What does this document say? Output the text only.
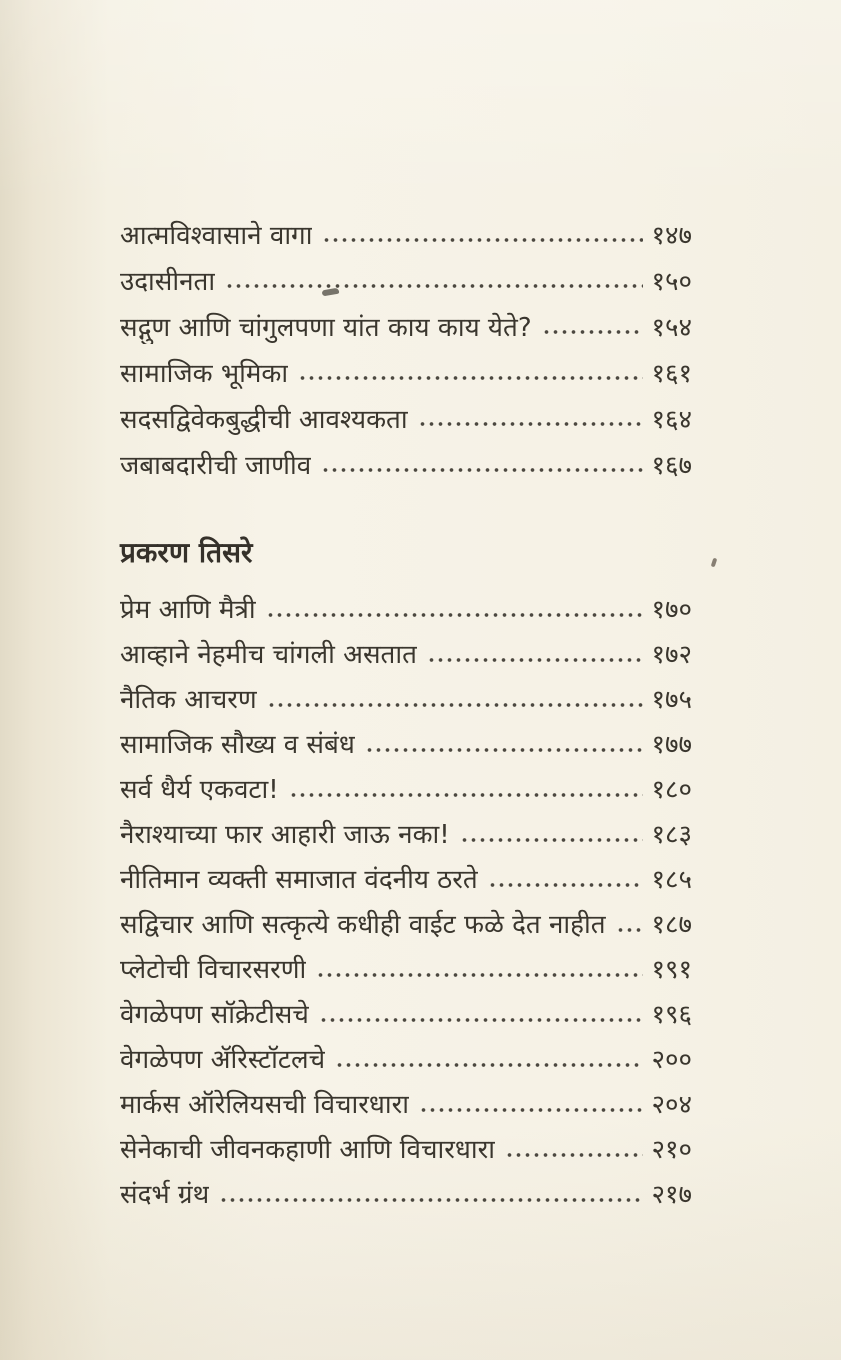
आत्मविश्वासाने वागा	१४७
उदासीनता	१५०
सद्गुण आणि चांगुलपणा यांत काय काय येते?	१५४
सामाजिक भूमिका	१६१
सदसद्विवेकबुद्धीची आवश्यकता	१६४
जबाबदारीची जाणीव	१६७
प्रकरण तिसरे
प्रेम आणि मैत्री	१७०
आव्हाने नेहमीच चांगली असतात	१७२
नैतिक आचरण	१७५
सामाजिक सौख्य व संबंध	१७७
सर्व धैर्य एकवटा!	१८०
नैराश्याच्या फार आहारी जाऊ नका!	१८३
नीतिमान व्यक्ती समाजात वंदनीय ठरते	१८५
सद्विचार आणि सत्कृत्ये कधीही वाईट फळे देत नाहीत १८७
प्लेटोची विचारसरणी	१९१
वेगळेपण सॉक्रेटीसचे	१९६
वेगळेपण ॲरिस्टॉटलचे	२००
मार्कस ऑरेलियसची विचारधारा	२०४
सेनेकाची जीवनकहाणी आणि विचारधारा	२१०
संदर्भ ग्रंथ	२१७
